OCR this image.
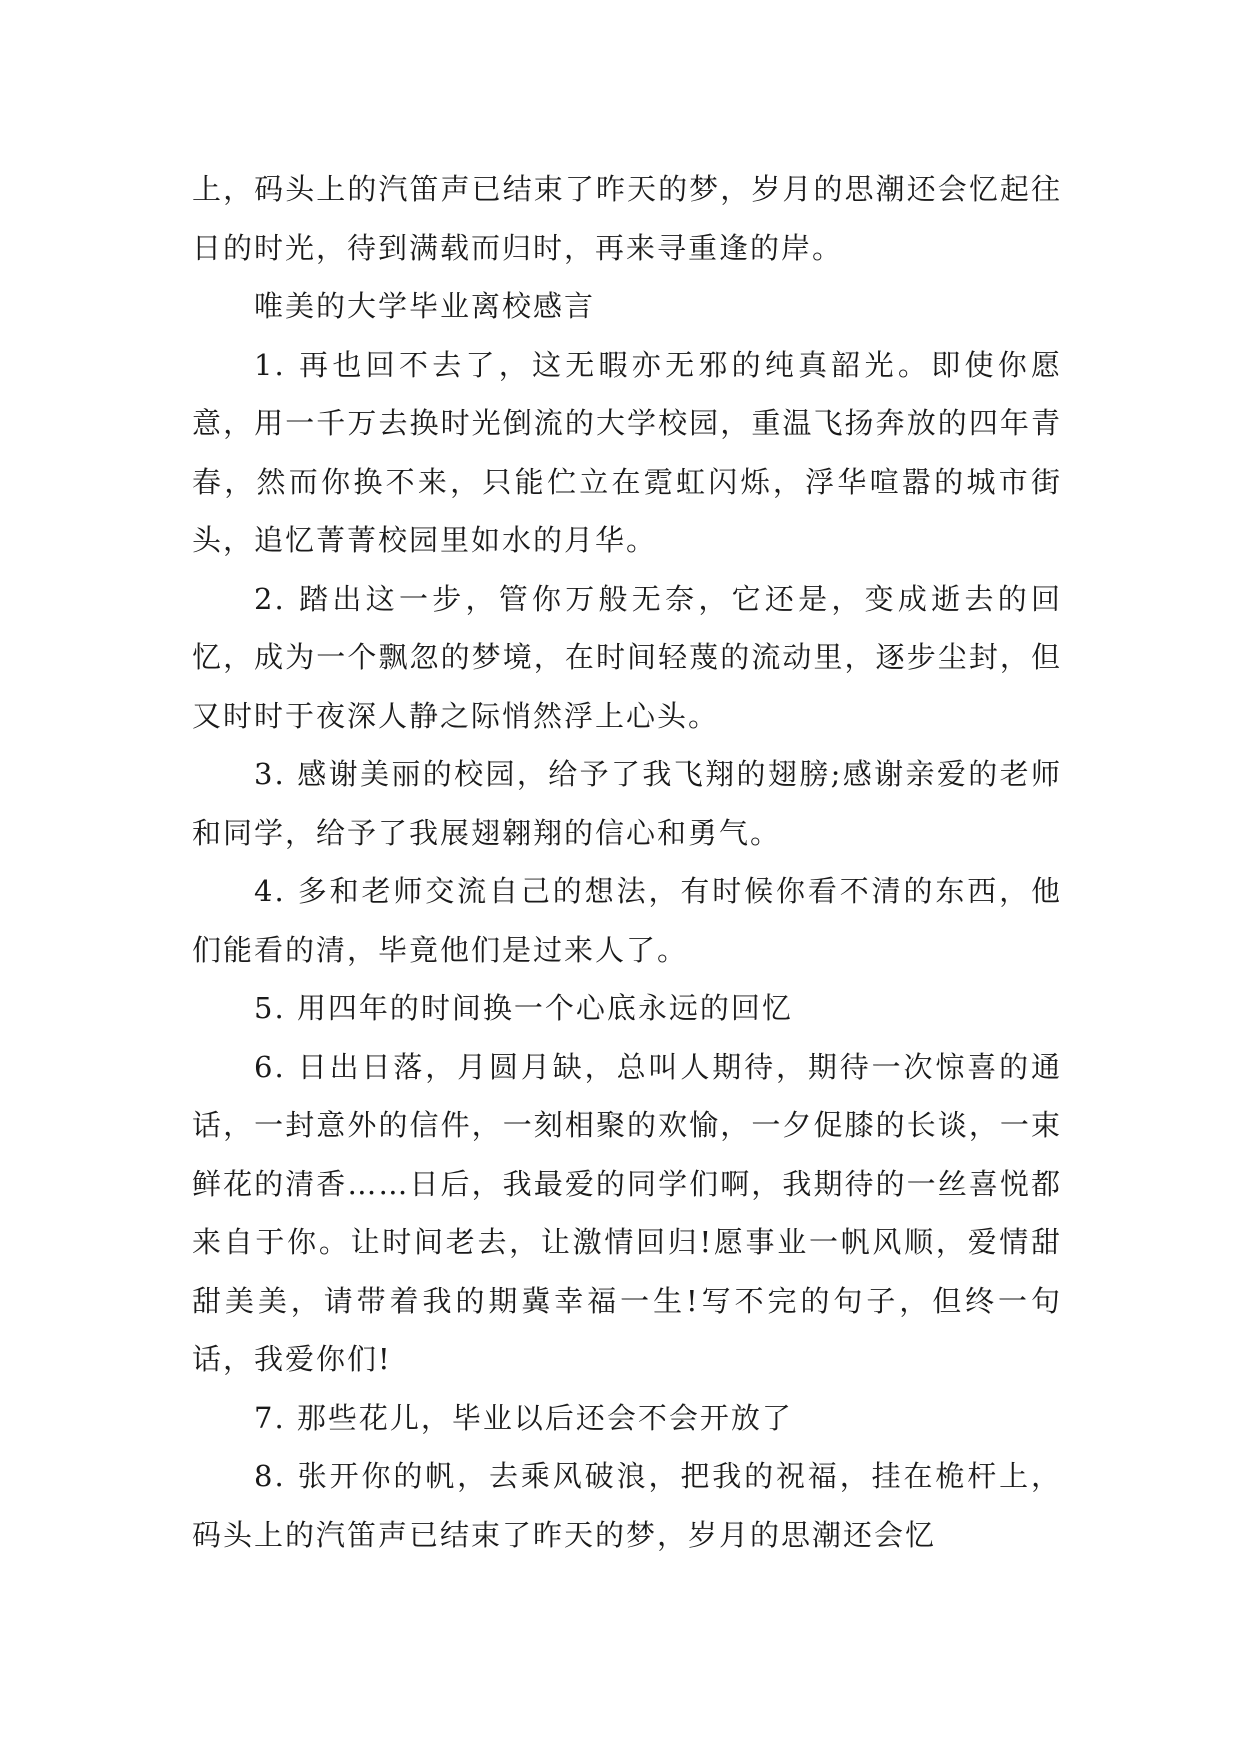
上，码头上的汽笛声已结束了昨天的梦，岁月的思潮还会忆起往日的时光，待到满载而归时，再来寻重逢的岸。

唯美的大学毕业离校感言

1. 再也回不去了，这无暇亦无邪的纯真韶光。即使你愿意，用一千万去换时光倒流的大学校园，重温飞扬奔放的四年青春，然而你换不来，只能伫立在霓虹闪烁，浮华喧嚣的城市街头，追忆菁菁校园里如水的月华。

2. 踏出这一步，管你万般无奈，它还是，变成逝去的回忆，成为一个飘忽的梦境，在时间轻蔑的流动里，逐步尘封，但又时时于夜深人静之际悄然浮上心头。

3. 感谢美丽的校园，给予了我飞翔的翅膀;感谢亲爱的老师和同学，给予了我展翅翱翔的信心和勇气。

4. 多和老师交流自己的想法，有时候你看不清的东西，他们能看的清，毕竟他们是过来人了。

5. 用四年的时间换一个心底永远的回忆

6. 日出日落，月圆月缺，总叫人期待，期待一次惊喜的通话，一封意外的信件，一刻相聚的欢愉，一夕促膝的长谈，一束鲜花的清香……日后，我最爱的同学们啊，我期待的一丝喜悦都来自于你。让时间老去，让激情回归!愿事业一帆风顺，爱情甜甜美美，请带着我的期冀幸福一生!写不完的句子，但终一句话，我爱你们!

7. 那些花儿，毕业以后还会不会开放了

8. 张开你的帆，去乘风破浪，把我的祝福，挂在桅杆上，码头上的汽笛声已结束了昨天的梦，岁月的思潮还会忆
